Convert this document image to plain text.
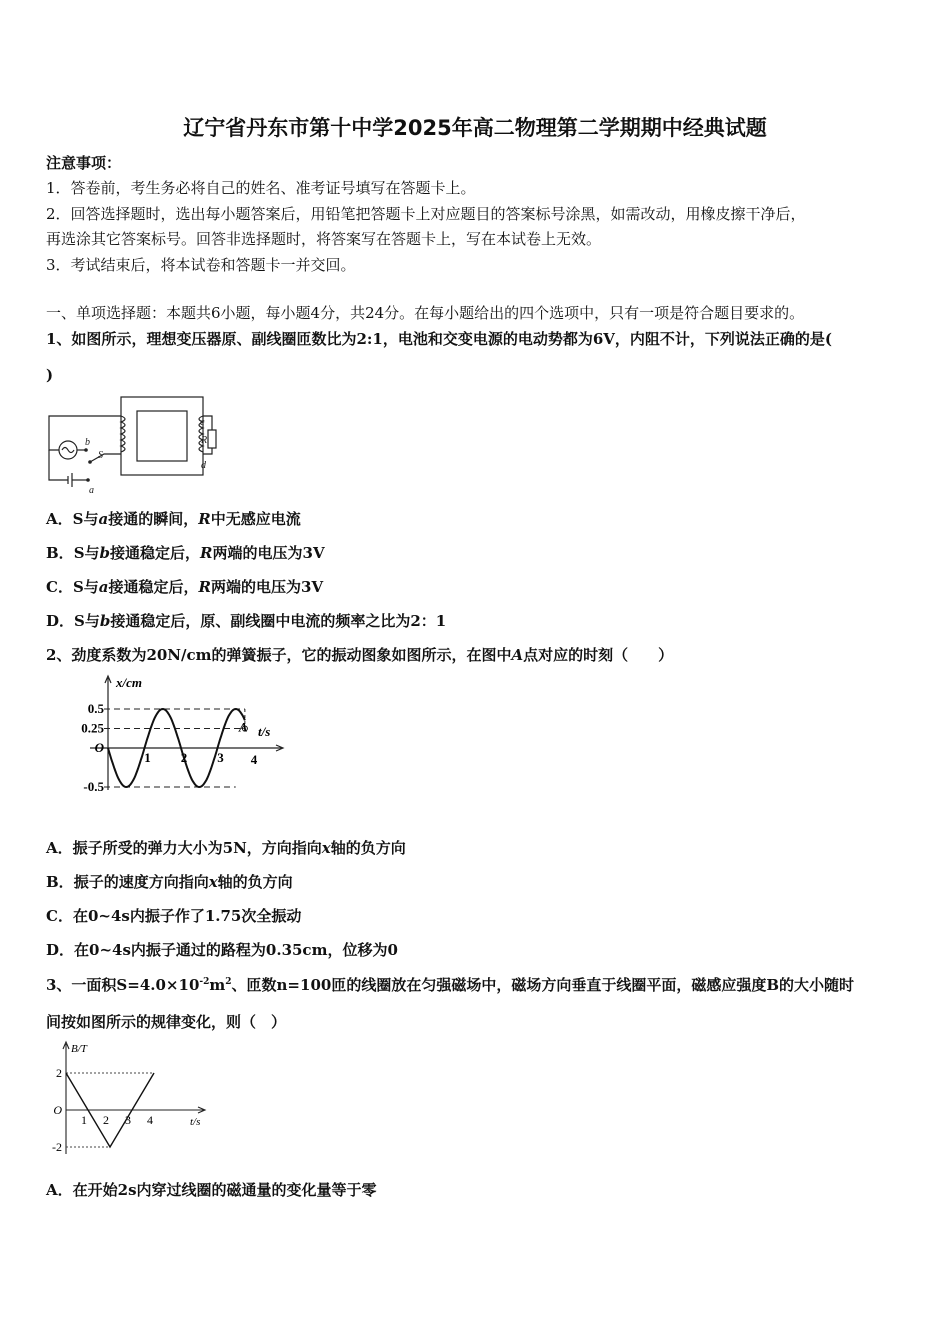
辽宁省丹东市第十中学2025年高二物理第二学期期中经典试题
注意事项：
1．答卷前，考生务必将自己的姓名、准考证号填写在答题卡上。
2．回答选择题时，选出每小题答案后，用铅笔把答题卡上对应题目的答案标号涂黑，如需改动，用橡皮擦干净后，
再选涂其它答案标号。回答非选择题时，将答案写在答题卡上，写在本试卷上无效。
3．考试结束后，将本试卷和答题卡一并交回。
一、单项选择题：本题共6小题，每小题4分，共24分。在每小题给出的四个选项中，只有一项是符合题目要求的。
1、如图所示，理想变压器原、副线圈匝数比为2:1，电池和交变电源的电动势都为6V，内阻不计，下列说法正确的是(
)
c
R
d
b
S
a
A．S与a接通的瞬间，R中无感应电流
B．S与b接通稳定后，R两端的电压为3V
C．S与a接通稳定后，R两端的电压为3V
D．S与b接通稳定后，原、副线圈中电流的频率之比为2：1
2、劲度系数为20N/cm的弹簧振子，它的振动图象如图所示，在图中A点对应的时刻（　　）
A
0.5
0.25
O
-0.5
1 2 3 4
x/cm
t/s
A．振子所受的弹力大小为5N，方向指向x轴的负方向
B．振子的速度方向指向x轴的负方向
C．在0~4s内振子作了1.75次全振动
D．在0~4s内振子通过的路程为0.35cm，位移为0
3、一面积$S=4.0\times 10^{-2}m^2$、匝数n=100匝的线圈放在匀强磁场中，磁场方向垂直于线圈平面，磁感应强度B的大小随时
间按如图所示的规律变化，则（　）
2
O
-2
1 2 3 4
B/T
t/s
A．在开始2s内穿过线圈的磁通量的变化量等于零
